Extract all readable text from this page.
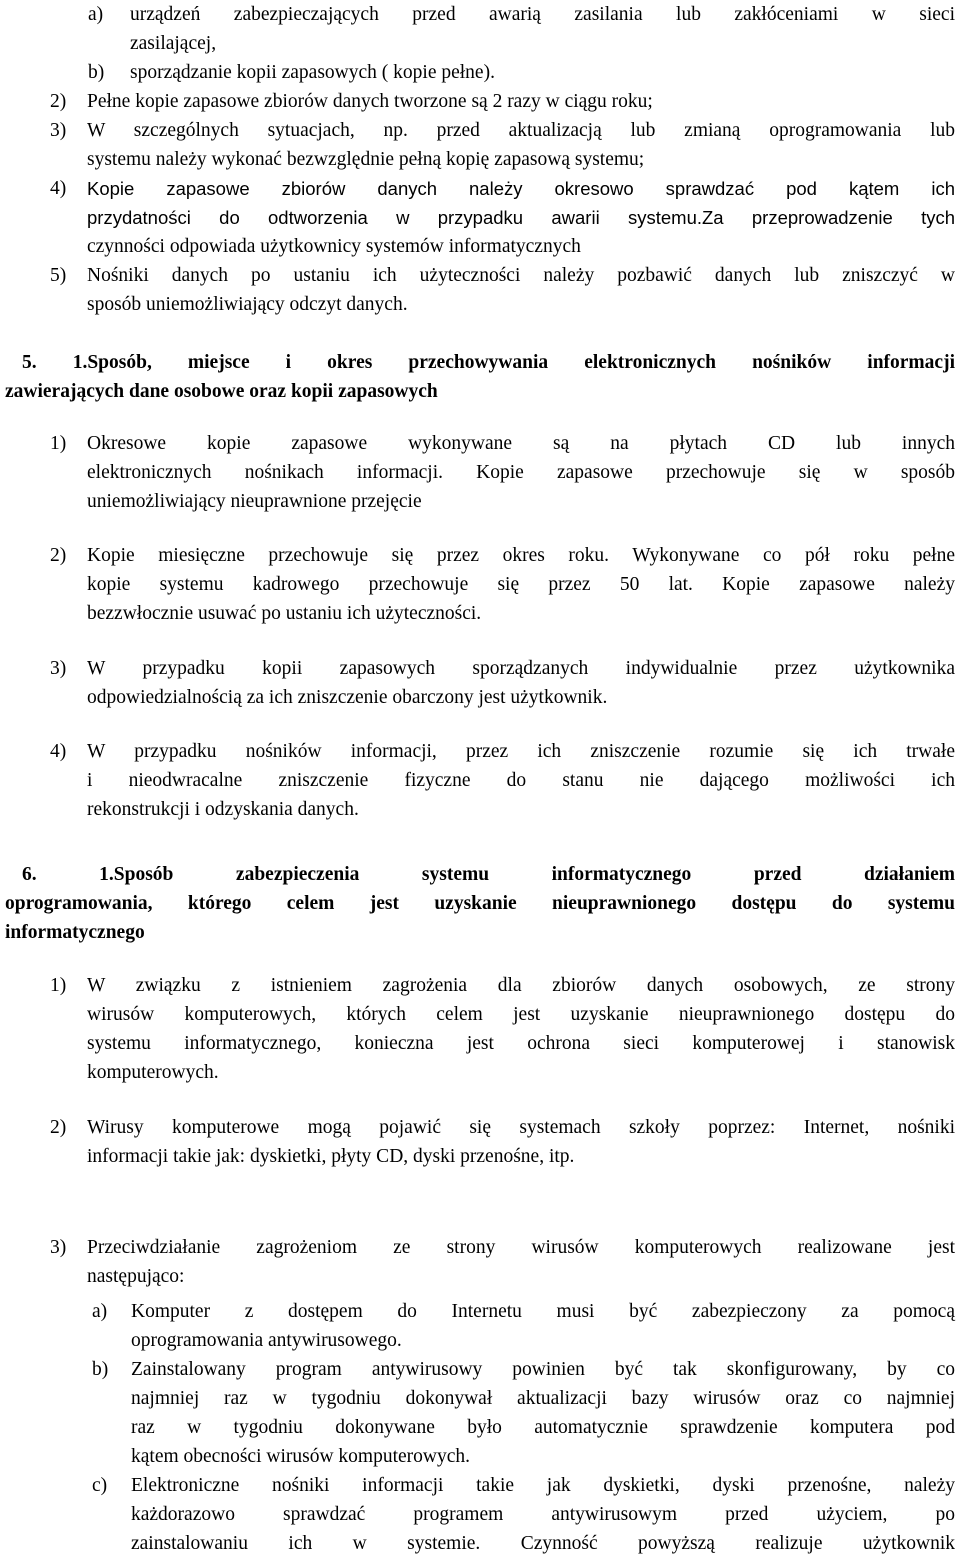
a) urządzeń zabezpieczających przed awarią zasilania lub zakłóceniami w sieci
zasilającej,
b) sporządzanie kopii zapasowych ( kopie pełne).
2) Pełne kopie zapasowe zbiorów danych tworzone są 2 razy w ciągu roku;
3) W szczególnych sytuacjach, np. przed aktualizacją lub zmianą oprogramowania lub
systemu należy wykonać bezwzględnie pełną kopię zapasową systemu;
4) Kopie zapasowe zbiorów danych należy okresowo sprawdzać pod kątem ich
przydatności do odtworzenia w przypadku awarii systemu.Za przeprowadzenie tych
czynności odpowiada użytkownicy systemów informatycznych
5) Nośniki danych po ustaniu ich użyteczności należy pozbawić danych lub zniszczyć w
sposób uniemożliwiający odczyt danych.
5. 1.Sposób, miejsce i okres przechowywania elektronicznych nośników informacji
zawierających dane osobowe oraz kopii zapasowych
1) Okresowe kopie zapasowe wykonywane są na płytach CD lub innych
elektronicznych nośnikach informacji. Kopie zapasowe przechowuje się w sposób
uniemożliwiający nieuprawnione przejęcie
2) Kopie miesięczne przechowuje się przez okres roku. Wykonywane co pół roku pełne
kopie systemu kadrowego przechowuje się przez 50 lat. Kopie zapasowe należy
bezzwłocznie usuwać po ustaniu ich użyteczności.
3) W przypadku kopii zapasowych sporządzanych indywidualnie przez użytkownika
odpowiedzialnością za ich zniszczenie obarczony jest użytkownik.
4) W przypadku nośników informacji, przez ich zniszczenie rozumie się ich trwałe
i nieodwracalne zniszczenie fizyczne do stanu nie dającego możliwości ich
rekonstrukcji i odzyskania danych.
6. 1.Sposób zabezpieczenia systemu informatycznego przed działaniem
oprogramowania, którego celem jest uzyskanie nieuprawnionego dostępu do systemu
informatycznego
1) W związku z istnieniem zagrożenia dla zbiorów danych osobowych, ze strony
wirusów komputerowych, których celem jest uzyskanie nieuprawnionego dostępu do
systemu informatycznego, konieczna jest ochrona sieci komputerowej i stanowisk
komputerowych.
2) Wirusy komputerowe mogą pojawić się systemach szkoły poprzez: Internet, nośniki
informacji takie jak: dyskietki, płyty CD, dyski przenośne, itp.
3) Przeciwdziałanie zagrożeniom ze strony wirusów komputerowych realizowane jest
następująco:
a) Komputer z dostępem do Internetu musi być zabezpieczony za pomocą
oprogramowania antywirusowego.
b) Zainstalowany program antywirusowy powinien być tak skonfigurowany, by co
najmniej raz w tygodniu dokonywał aktualizacji bazy wirusów oraz co najmniej
raz w tygodniu dokonywane było automatycznie sprawdzenie komputera pod
kątem obecności wirusów komputerowych.
c) Elektroniczne nośniki informacji takie jak dyskietki, dyski przenośne, należy
każdorazowo sprawdzać programem antywirusowym przed użyciem, po
zainstalowaniu ich w systemie. Czynność powyższą realizuje użytkownik
